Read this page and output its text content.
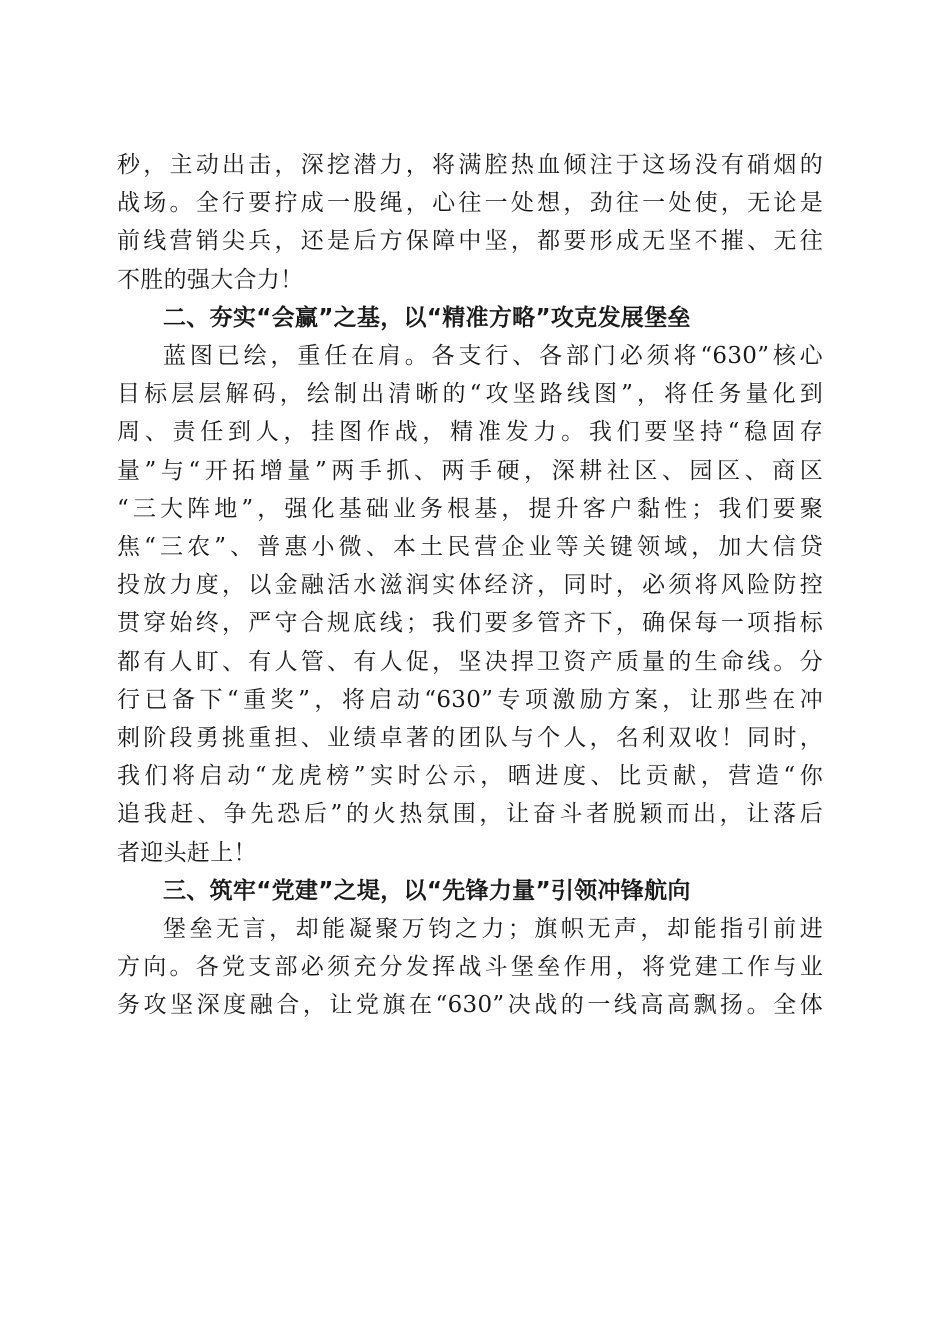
秒，主动出击，深挖潜力，将满腔热血倾注于这场没有硝烟的
战场。全行要拧成一股绳，心往一处想，劲往一处使，无论是
前线营销尖兵，还是后方保障中坚，都要形成无坚不摧、无往
不胜的强大合力！
二、夯实“会赢”之基，以“精准方略”攻克发展堡垒
蓝图已绘，重任在肩。各支行、各部门必须将“630”核心
目标层层解码，绘制出清晰的“攻坚路线图”，将任务量化到
周、责任到人，挂图作战，精准发力。我们要坚持“稳固存
量”与“开拓增量”两手抓、两手硬，深耕社区、园区、商区
“三大阵地”，强化基础业务根基，提升客户黏性；我们要聚
焦“三农”、普惠小微、本土民营企业等关键领域，加大信贷
投放力度，以金融活水滋润实体经济，同时，必须将风险防控
贯穿始终，严守合规底线；我们要多管齐下，确保每一项指标
都有人盯、有人管、有人促，坚决捍卫资产质量的生命线。分
行已备下“重奖”，将启动“630”专项激励方案，让那些在冲
刺阶段勇挑重担、业绩卓著的团队与个人，名利双收！同时，
我们将启动“龙虎榜”实时公示，晒进度、比贡献，营造“你
追我赶、争先恐后”的火热氛围，让奋斗者脱颖而出，让落后
者迎头赶上！
三、筑牢“党建”之堤，以“先锋力量”引领冲锋航向
堡垒无言，却能凝聚万钧之力；旗帜无声，却能指引前进
方向。各党支部必须充分发挥战斗堡垒作用，将党建工作与业
务攻坚深度融合，让党旗在“630”决战的一线高高飘扬。全体
